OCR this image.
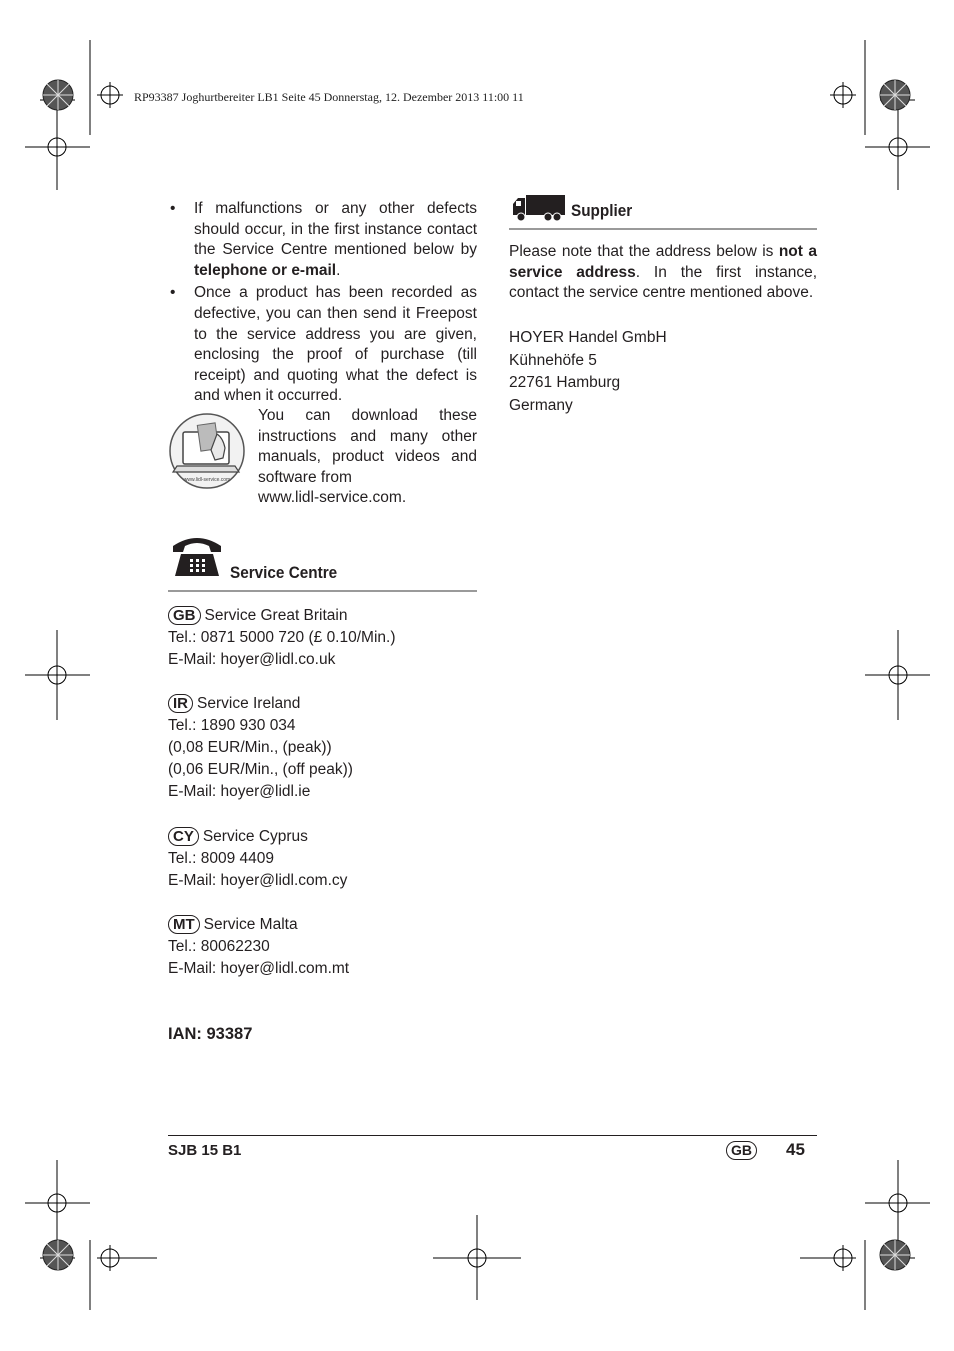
RP93387 Joghurtbereiter LB1 Seite 45 Donnerstag, 12. Dezember 2013 11:00 11
• If malfunctions or any other defects should occur, in the first instance contact the Service Centre mentioned below by telephone or e-mail.
• Once a product has been recorded as defective, you can then send it Freepost to the service address you are given, enclosing the proof of purchase (till receipt) and quoting what the defect is and when it occurred.
www.lidl-service.com
You can download these instructions and many other manuals, product videos and software from
www.lidl-service.com.
Service Centre
GB Service Great Britain
Tel.: 0871 5000 720 (£ 0.10/Min.)
E-Mail: hoyer@lidl.co.uk
IR Service Ireland
Tel.: 1890 930 034
(0,08 EUR/Min., (peak))
(0,06 EUR/Min., (off peak))
E-Mail: hoyer@lidl.ie
CY Service Cyprus
Tel.: 8009 4409
E-Mail: hoyer@lidl.com.cy
MT Service Malta
Tel.: 80062230
E-Mail: hoyer@lidl.com.mt
IAN: 93387
Supplier
Please note that the address below is not a service address. In the first instance, contact the service centre mentioned above.
HOYER Handel GmbH
Kühnehöfe 5
22761 Hamburg
Germany
SJB 15 B1	GB	45
